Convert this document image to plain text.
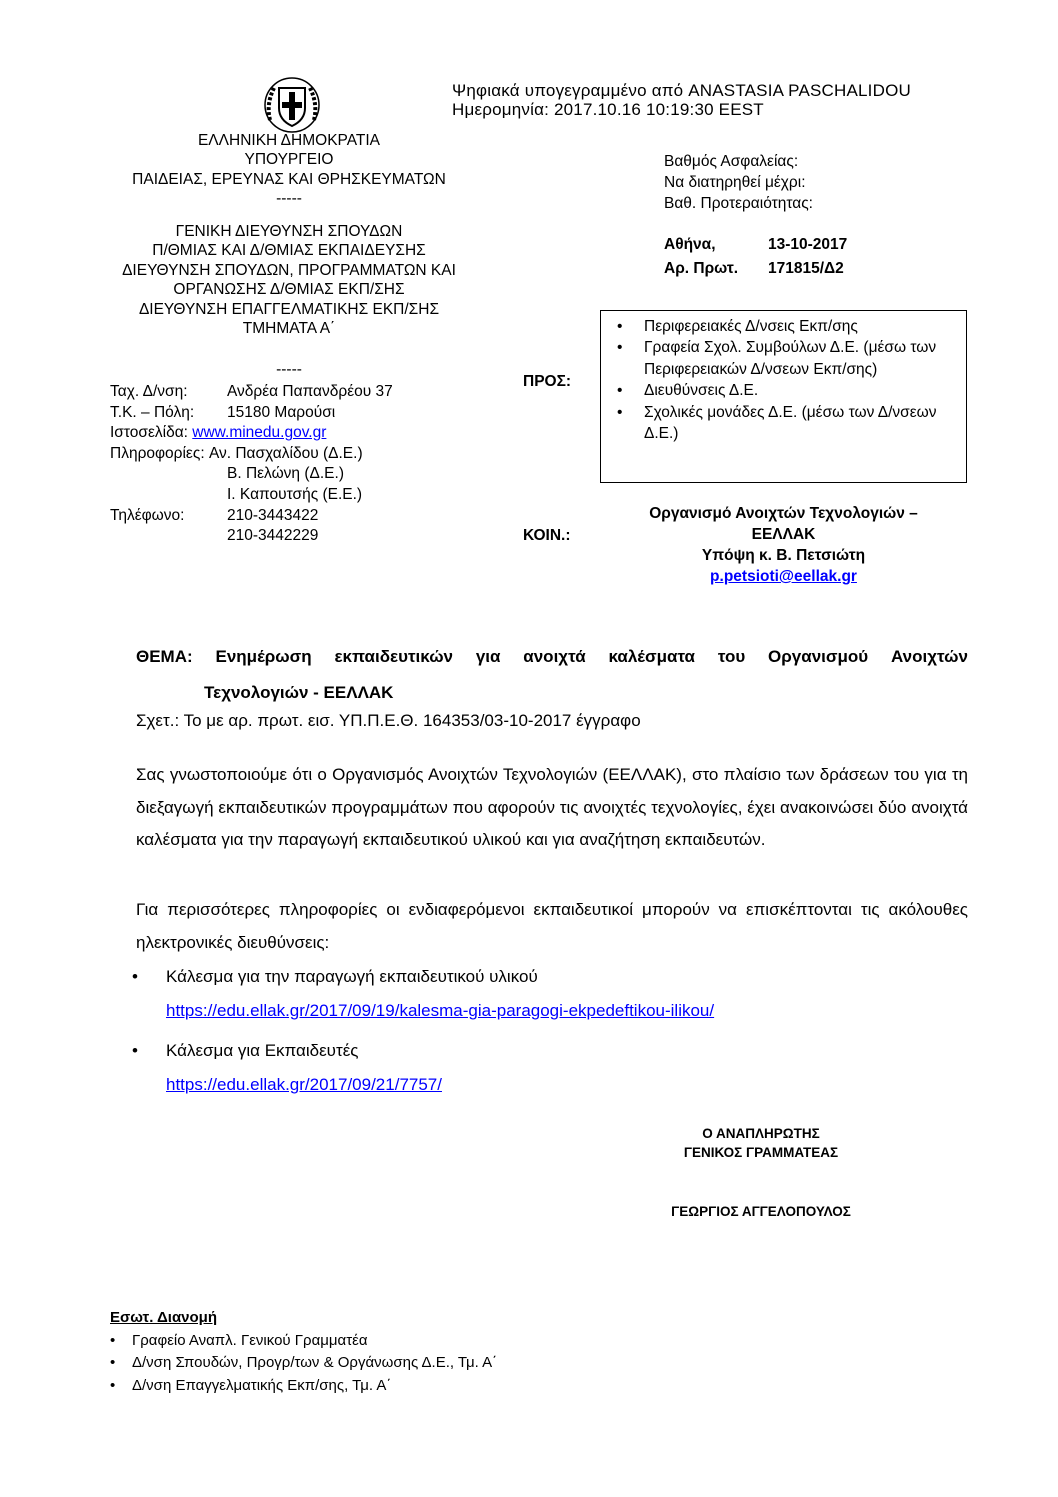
Ψηφιακά υπογεγραμμένο από ANASTASIA PASCHALIDOU
Ημερομηνία: 2017.10.16 10:19:30 EEST
ΕΛΛΗΝΙΚΗ ΔΗΜΟΚΡΑΤΙΑ
ΥΠΟΥΡΓΕΙΟ
ΠΑΙΔΕΙΑΣ, ΕΡΕΥΝΑΣ ΚΑΙ ΘΡΗΣΚΕΥΜΑΤΩΝ
-----
ΓΕΝΙΚΗ ΔΙΕΥΘΥΝΣΗ ΣΠΟΥΔΩΝ
Π/ΘΜΙΑΣ ΚΑΙ Δ/ΘΜΙΑΣ ΕΚΠΑΙΔΕΥΣΗΣ
ΔΙΕΥΘΥΝΣΗ ΣΠΟΥΔΩΝ, ΠΡΟΓΡΑΜΜΑΤΩΝ ΚΑΙ
ΟΡΓΑΝΩΣΗΣ Δ/ΘΜΙΑΣ ΕΚΠ/ΣΗΣ
ΔΙΕΥΘΥΝΣΗ ΕΠΑΓΓΕΛΜΑΤΙΚΗΣ ΕΚΠ/ΣΗΣ
ΤΜΗΜΑΤΑ Α΄
-----
Ταχ. Δ/νση:	Ανδρέα Παπανδρέου 37
Τ.Κ. – Πόλη:	15180 Μαρούσι
Ιστοσελίδα:
www.minedu.gov.gr
Πληροφορίες:
Αν. Πασχαλίδου (Δ.Ε.)
Β. Πελώνη (Δ.Ε.)
Ι. Καπουτσής (Ε.Ε.)
Τηλέφωνο:	210-3443422
210-3442229
Βαθμός Ασφαλείας:
Να διατηρηθεί μέχρι:
Βαθ. Προτεραιότητας:
Αθήνα,	13-10-2017
Αρ. Πρωτ. 171815/Δ2
ΠΡΟΣ:
• Περιφερειακές Δ/νσεις Εκπ/σης
• Γραφεία Σχολ. Συμβούλων Δ.Ε. (μέσω των Περιφερειακών Δ/νσεων Εκπ/σης)
• Διευθύνσεις Δ.Ε.
• Σχολικές μονάδες Δ.Ε. (μέσω των Δ/νσεων Δ.Ε.)
ΚΟΙΝ.:
Οργανισμό Ανοιχτών Τεχνολογιών –
ΕΕΛΛΑΚ
Υπόψη κ. Β. Πετσιώτη
p.petsioti@eellak.gr
ΘΕΜΑ: Ενημέρωση εκπαιδευτικών για ανοιχτά καλέσματα του Οργανισμού Ανοιχτών
Τεχνολογιών - ΕΕΛΛΑΚ
Σχετ.: Το με αρ. πρωτ. εισ. ΥΠ.Π.Ε.Θ. 164353/03-10-2017 έγγραφο
Σας γνωστοποιούμε ότι ο Οργανισμός Ανοιχτών Τεχνολογιών (ΕΕΛΛΑΚ), στο πλαίσιο των δράσεων του για τη διεξαγωγή εκπαιδευτικών προγραμμάτων που αφορούν τις ανοιχτές τεχνολογίες, έχει ανακοινώσει δύο ανοιχτά καλέσματα για την παραγωγή εκπαιδευτικού υλικού και για αναζήτηση εκπαιδευτών.
Για περισσότερες πληροφορίες οι ενδιαφερόμενοι εκπαιδευτικοί μπορούν να επισκέπτονται τις ακόλουθες ηλεκτρονικές διευθύνσεις:
• Κάλεσμα για την παραγωγή εκπαιδευτικού υλικού
https://edu.ellak.gr/2017/09/19/kalesma-gia-paragogi-ekpedeftikou-ilikou/
• Κάλεσμα για Εκπαιδευτές
https://edu.ellak.gr/2017/09/21/7757/
Ο ΑΝΑΠΛΗΡΩΤΗΣ
ΓΕΝΙΚΟΣ ΓΡΑΜΜΑΤΕΑΣ
ΓΕΩΡΓΙΟΣ ΑΓΓΕΛΟΠΟΥΛΟΣ
Εσωτ. Διανομή
• Γραφείο Αναπλ. Γενικού Γραμματέα
• Δ/νση Σπουδών, Προγρ/των & Οργάνωσης Δ.Ε., Τμ. Α΄
• Δ/νση Επαγγελματικής Εκπ/σης, Τμ. Α΄
